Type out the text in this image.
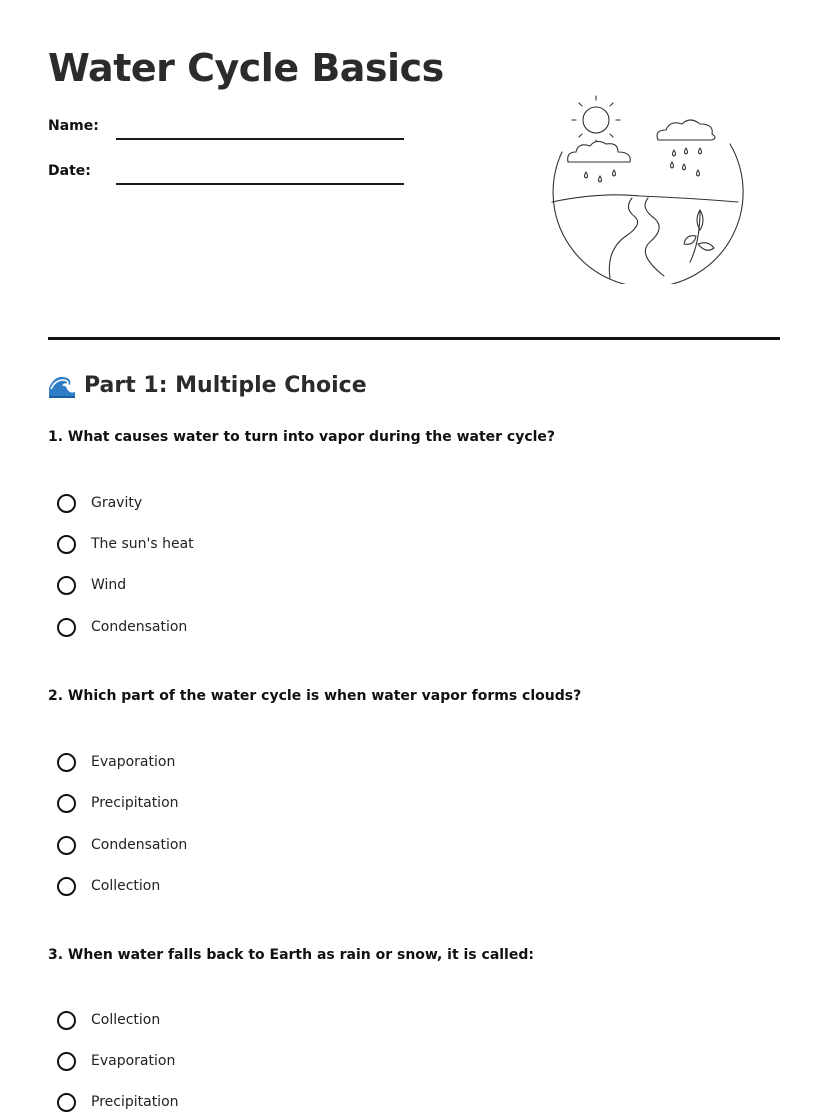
Water Cycle Basics
Name:
Date:
Part 1: Multiple Choice
1. What causes water to turn into vapor during the water cycle?
Gravity
The sun's heat
Wind
Condensation
2. Which part of the water cycle is when water vapor forms clouds?
Evaporation
Precipitation
Condensation
Collection
3. When water falls back to Earth as rain or snow, it is called:
Collection
Evaporation
Precipitation
